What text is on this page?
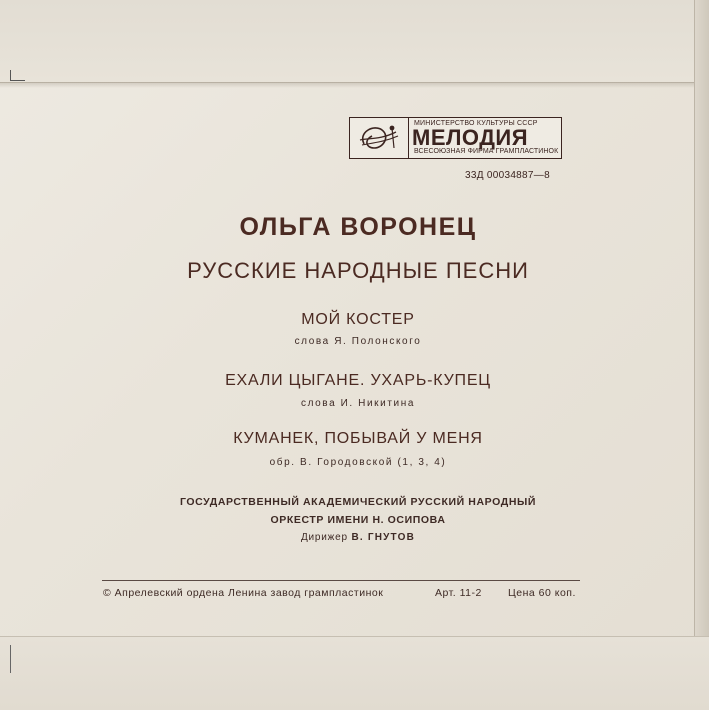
МИНИСТЕРСТВО КУЛЬТУРЫ СССР
МЕЛОДИЯ
ВСЕСОЮЗНАЯ ФИРМА ГРАМПЛАСТИНОК
33Д 00034887—8
ОЛЬГА ВОРОНЕЦ
РУССКИЕ НАРОДНЫЕ ПЕСНИ
МОЙ КОСТЕР
слова Я. Полонского
ЕХАЛИ ЦЫГАНЕ. УХАРЬ-КУПЕЦ
слова И. Никитина
КУМАНЕК, ПОБЫВАЙ У МЕНЯ
обр. В. Городовской (1, 3, 4)
ГОСУДАРСТВЕННЫЙ АКАДЕМИЧЕСКИЙ РУССКИЙ НАРОДНЫЙ
ОРКЕСТР ИМЕНИ Н. ОСИПОВА
Дирижер В. ГНУТОВ
© Апрелевский ордена Ленина завод грампластинок	Арт. 11-2 Цена 60 коп.
